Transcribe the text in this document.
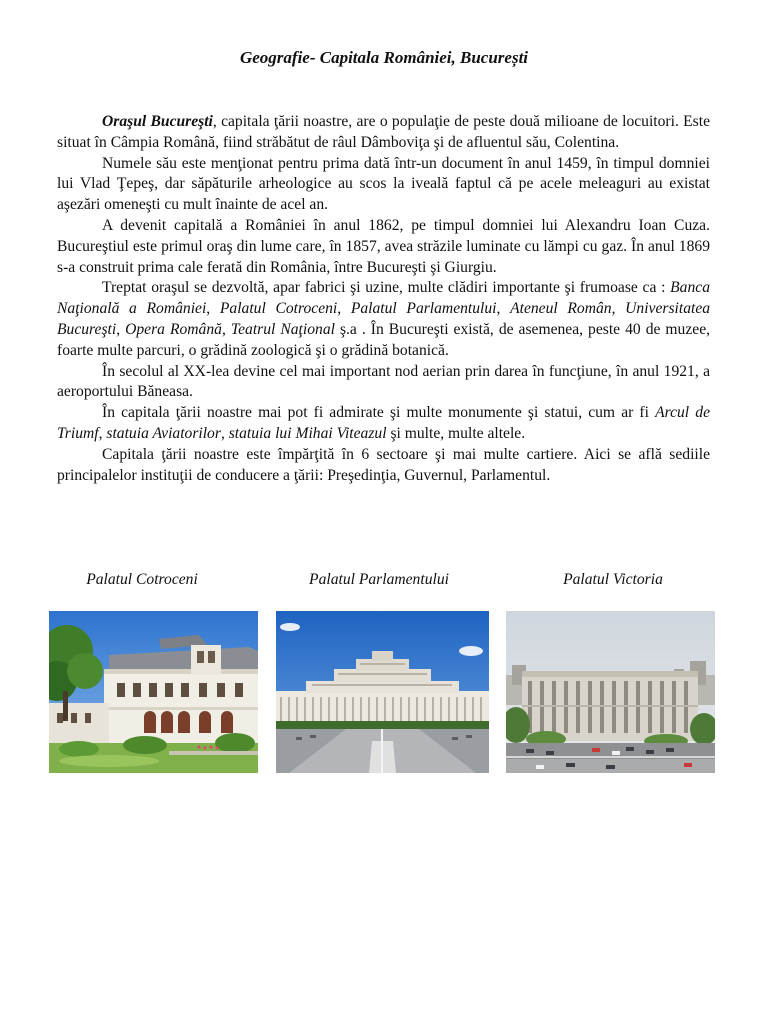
Geografie- Capitala României, București

Oraşul Bucureşti, capitala ţării noastre, are o populaţie de peste două milioane de locuitori. Este situat în Câmpia Română, fiind străbătut de râul Dâmboviţa şi de afluentul său, Colentina.

Numele său este menţionat pentru prima dată într-un document în anul 1459, în timpul domniei lui Vlad Ţepeş, dar săpăturile arheologice au scos la iveală faptul că pe acele meleaguri au existat aşezări omeneşti cu mult înainte de acel an.

A devenit capitală a României în anul 1862, pe timpul domniei lui Alexandru Ioan Cuza. Bucureştiul este primul oraş din lume care, în 1857, avea străzile luminate cu lămpi cu gaz. În anul 1869 s-a construit prima cale ferată din România, între Bucureşti şi Giurgiu.

Treptat oraşul se dezvoltă, apar fabrici şi uzine, multe clădiri importante şi frumoase ca : Banca Naţională a României, Palatul Cotroceni, Palatul Parlamentului, Ateneul Român, Universitatea Bucureşti, Opera Română, Teatrul Naţional ş.a . În Bucureşti există, de asemenea, peste 40 de muzee, foarte multe parcuri, o grădină zoologică şi o grădină botanică.

În secolul al XX-lea devine cel mai important nod aerian prin darea în funcţiune, în anul 1921, a aeroportului Băneasa.

În capitala ţării noastre mai pot fi admirate şi multe monumente şi statui, cum ar fi Arcul de Triumf, statuia Aviatorilor, statuia lui Mihai Viteazul şi multe, multe altele.

Capitala ţării noastre este împărţită în 6 sectoare şi mai multe cartiere. Aici se află sediile principalelor instituţii de conducere a ţării: Preşedinţia, Guvernul, Parlamentul.

Palatul Cotroceni	Palatul Parlamentului	Palatul Victoria
